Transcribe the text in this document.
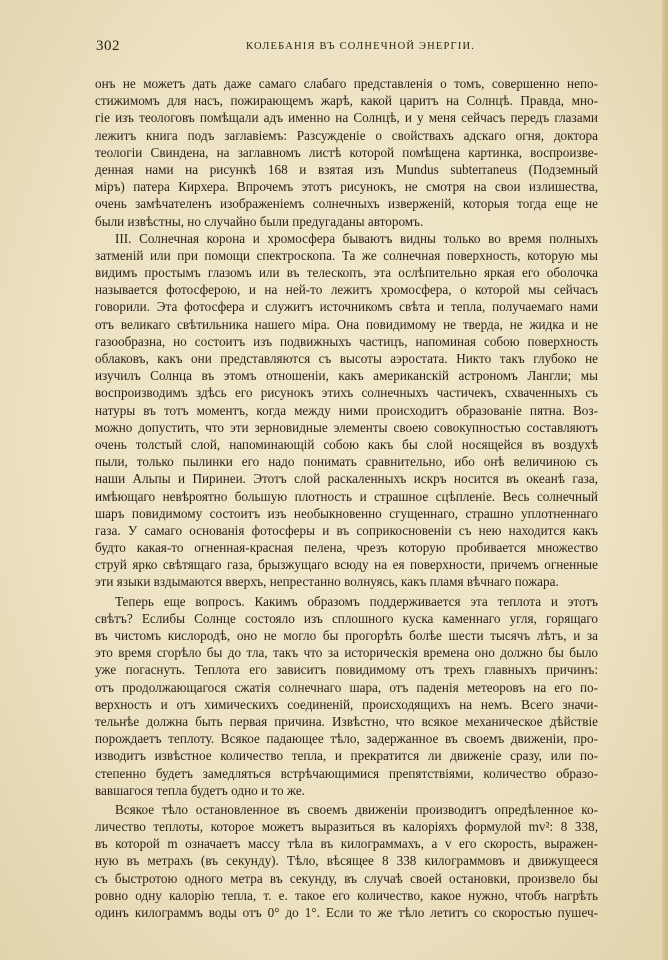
302	КОЛЕБАНІЯ ВЪ СОЛНЕЧНОЙ ЭНЕРГІИ.
онъ не можетъ дать даже самаго слабаго представленія о томъ, совершенно непо-
стижимомъ для насъ, пожирающемъ жарѣ, какой царитъ на Солнцѣ. Правда, мно-
гіе изъ теологовъ помѣщали адъ именно на Солнцѣ, и у меня сейчасъ передъ глазами
лежитъ книга подъ заглавіемъ: Разсужденіе о свойствахъ адскаго огня, доктора
теологіи Свиндена, на заглавномъ листѣ которой помѣщена картинка, воспроизве-
денная нами на рисункѣ 168 и взятая изъ Mundus subterraneus (Подземный
міръ) патера Кирхера. Впрочемъ этотъ рисунокъ, не смотря на свои излишества,
очень замѣчателенъ изображеніемъ солнечныхъ изверженій, которыя тогда еще не
были извѣстны, но случайно были предугаданы авторомъ.
III. Солнечная корона и хромосфера бываютъ видны только во время полныхъ
затменій или при помощи спектроскопа. Та же солнечная поверхность, которую мы
видимъ простымъ глазомъ или въ телескопъ, эта ослѣпительно яркая его оболочка
называется фотосферою, и на ней-то лежитъ хромосфера, о которой мы сейчасъ
говорили. Эта фотосфера и служитъ источникомъ свѣта и тепла, получаемаго нами
отъ великаго свѣтильника нашего міра. Она повидимому не тверда, не жидка и не
газообразна, но состоитъ изъ подвижныхъ частицъ, напоминая собою поверхность
облаковъ, какъ они представляются съ высоты аэростата. Никто такъ глубоко не
изучилъ Солнца въ этомъ отношеніи, какъ американскій астрономъ Лангли; мы
воспроизводимъ здѣсь его рисунокъ этихъ солнечныхъ частичекъ, схваченныхъ съ
натуры въ тотъ моментъ, когда между ними происходитъ образованіе пятна. Воз-
можно допустить, что эти зерновидные элементы своею совокупностью составляютъ
очень толстый слой, напоминающій собою какъ бы слой носящейся въ воздухѣ
пыли, только пылинки его надо понимать сравнительно, ибо онѣ величиною съ
наши Альпы и Пиринеи. Этотъ слой раскаленныхъ искръ носится въ океанѣ газа,
имѣющаго невѣроятно большую плотность и страшное сцѣпленіе. Весь солнечный
шаръ повидимому состоитъ изъ необыкновенно сгущеннаго, страшно уплотненнаго
газа. У самаго основанія фотосферы и въ соприкосновеніи съ нею находится какъ
будто какая-то огненная-красная пелена, чрезъ которую пробивается множество
струй ярко свѣтящаго газа, брызжущаго всюду на ея поверхности, причемъ огненные
эти языки вздымаются вверхъ, непрестанно волнуясь, какъ пламя вѣчнаго пожара.
Теперь еще вопросъ. Какимъ образомъ поддерживается эта теплота и этотъ
свѣтъ? Еслибы Солнце состояло изъ сплошного куска каменнаго угля, горящаго
въ чистомъ кислородѣ, оно не могло бы прогорѣть болѣе шести тысячъ лѣтъ, и за
это время сгорѣло бы до тла, такъ что за историческія времена оно должно бы было
уже погаснуть. Теплота его зависитъ повидимому отъ трехъ главныхъ причинъ:
отъ продолжающагося сжатія солнечнаго шара, отъ паденія метеоровъ на его по-
верхность и отъ химическихъ соединеній, происходящихъ на немъ. Всего значи-
тельнѣе должна быть первая причина. Извѣстно, что всякое механическое дѣйствіе
порождаетъ теплоту. Всякое падающее тѣло, задержанное въ своемъ движеніи, про-
изводитъ извѣстное количество тепла, и прекратится ли движеніе сразу, или по-
степенно будетъ замедляться встрѣчающимися препятствіями, количество образо-
вавшагося тепла будетъ одно и то же.
Всякое тѣло остановленное въ своемъ движеніи производитъ опредѣленное ко-
личество теплоты, которое можетъ выразиться въ калоріяхъ формулой mv²: 8 338,
въ которой m означаетъ массу тѣла въ килограммахъ, а v его скорость, выражен-
ную въ метрахъ (въ секунду). Тѣло, вѣсящее 8 338 килограммовъ и движущееся
съ быстротою одного метра въ секунду, въ случаѣ своей остановки, произвело бы
ровно одну калорію тепла, т. е. такое его количество, какое нужно, чтобъ нагрѣть
одинъ килограммъ воды отъ 0° до 1°. Если то же тѣло летитъ со скоростью пушеч-
